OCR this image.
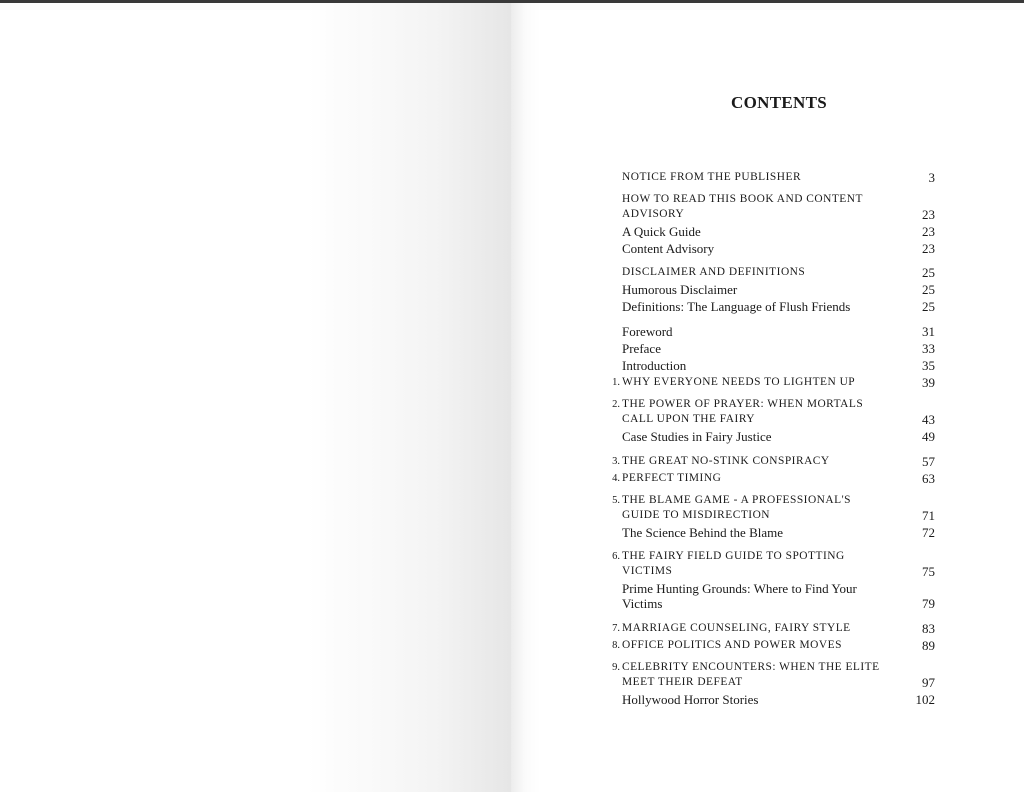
CONTENTS
NOTICE FROM THE PUBLISHER	3
HOW TO READ THIS BOOK AND CONTENT
ADVISORY	23
A Quick Guide	23
Content Advisory	23
DISCLAIMER AND DEFINITIONS	25
Humorous Disclaimer	25
Definitions: The Language of Flush Friends	25
Foreword	31
Preface	33
Introduction	35
1. WHY EVERYONE NEEDS TO LIGHTEN UP	39
2. THE POWER OF PRAYER: WHEN MORTALS
CALL UPON THE FAIRY	43
Case Studies in Fairy Justice	49
3. THE GREAT NO-STINK CONSPIRACY	57
4. PERFECT TIMING	63
5. THE BLAME GAME - A PROFESSIONAL'S
GUIDE TO MISDIRECTION	71
The Science Behind the Blame	72
6. THE FAIRY FIELD GUIDE TO SPOTTING
VICTIMS	75
Prime Hunting Grounds: Where to Find Your
Victims	79
7. MARRIAGE COUNSELING, FAIRY STYLE	83
8. OFFICE POLITICS AND POWER MOVES	89
9. CELEBRITY ENCOUNTERS: WHEN THE ELITE
MEET THEIR DEFEAT	97
Hollywood Horror Stories	102
